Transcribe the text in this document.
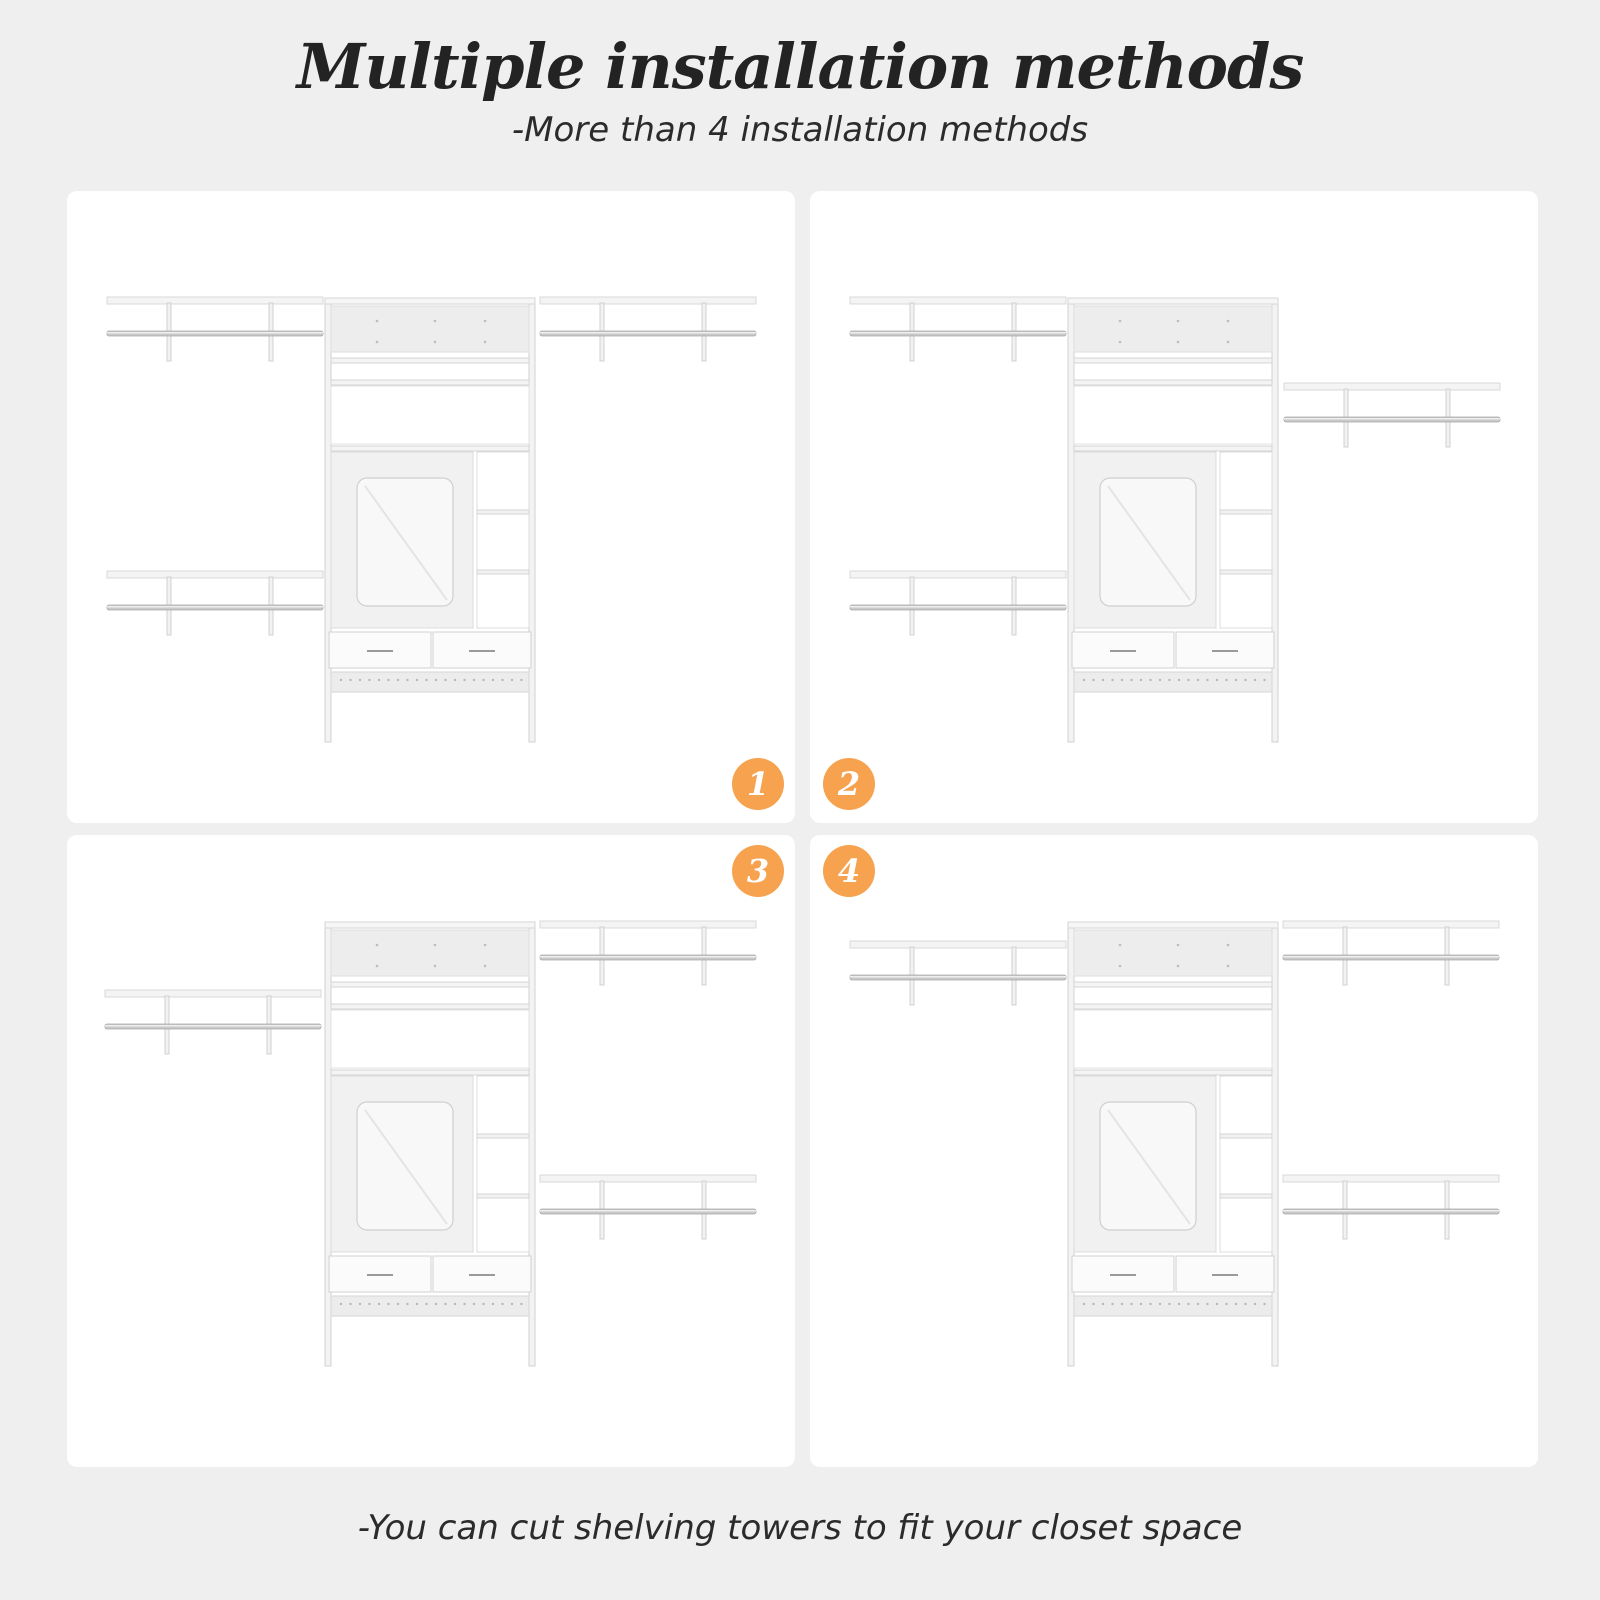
Multiple installation methods

-More than 4 installation methods

1	2
3	4

-You can cut shelving towers to fit your closet space
